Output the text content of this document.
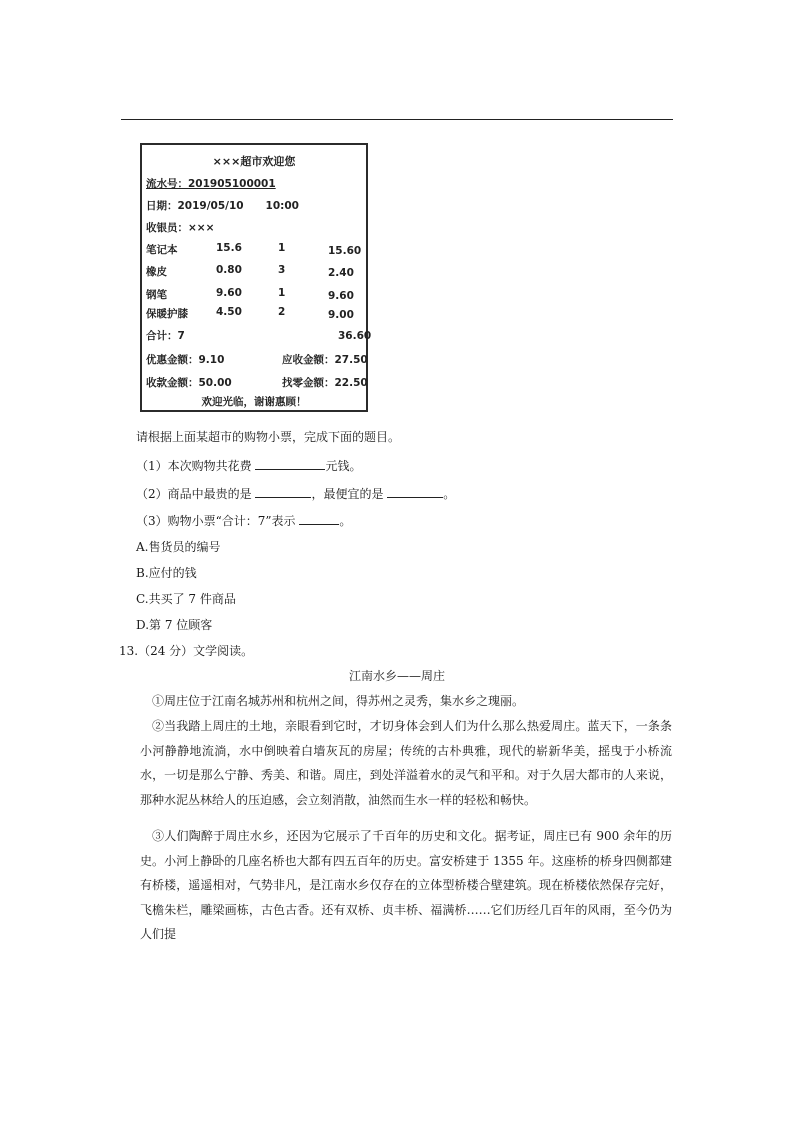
×××超市欢迎您
流水号：201905100001
日期：2019/05/10      10:00
收银员：×××
笔记本	15.6	1	15.60
橡皮	0.80	3	2.40
钢笔	9.60	1	9.60
保暖护膝	4.50	2	9.00
合计：7	36.60
优惠金额：9.10	应收金额：27.50
收款金额：50.00	找零金额：22.50
欢迎光临，谢谢惠顾！
请根据上面某超市的购物小票，完成下面的题目。
（1）本次购物共花费	元钱。
（2）商品中最贵的是	，最便宜的是	。
（3）购物小票“合计：7”表示	。
A.售货员的编号
B.应付的钱
C.共买了 7 件商品
D.第 7 位顾客
13.（24 分）文学阅读。
江南水乡——周庄
①周庄位于江南名城苏州和杭州之间，得苏州之灵秀，集水乡之瑰丽。
②当我踏上周庄的土地，亲眼看到它时，才切身体会到人们为什么那么热爱周庄。蓝天下，一条条小河静静地流淌，水中倒映着白墙灰瓦的房屋；传统的古朴典雅，现代的崭新华美，摇曳于小桥流水，一切是那么宁静、秀美、和谐。周庄，到处洋溢着水的灵气和平和。对于久居大都市的人来说，那种水泥丛林给人的压迫感，会立刻消散，油然而生水一样的轻松和畅快。
③人们陶醉于周庄水乡，还因为它展示了千百年的历史和文化。据考证，周庄已有 900 余年的历史。小河上静卧的几座名桥也大都有四五百年的历史。富安桥建于 1355 年。这座桥的桥身四侧都建有桥楼，遥遥相对，气势非凡，是江南水乡仅存在的立体型桥楼合壁建筑。现在桥楼依然保存完好，飞檐朱栏，雕梁画栋，古色古香。还有双桥、贞丰桥、福满桥……它们历经几百年的风雨，至今仍为人们提
